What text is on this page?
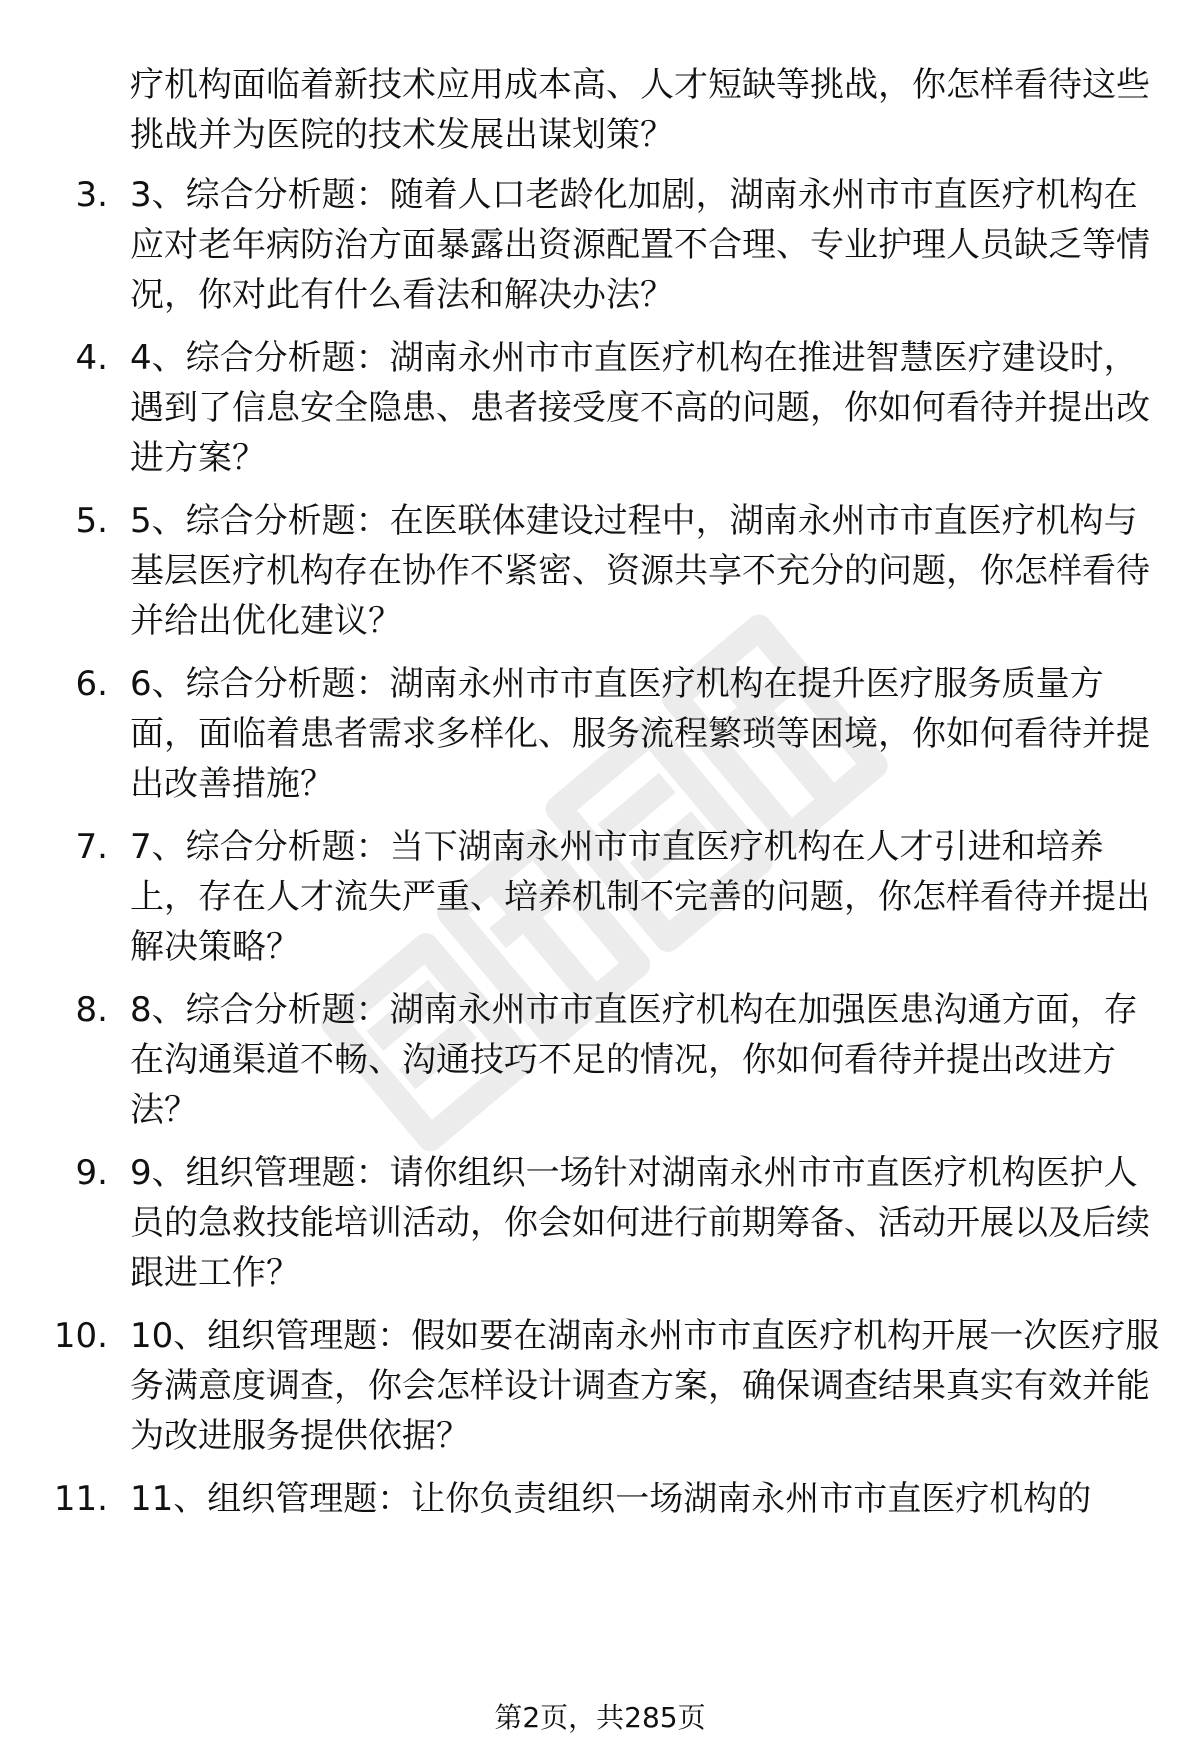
疗机构面临着新技术应用成本高、人才短缺等挑战，你怎样看待这些挑战并为医院的技术发展出谋划策？
3. 3、综合分析题：随着人口老龄化加剧，湖南永州市市直医疗机构在应对老年病防治方面暴露出资源配置不合理、专业护理人员缺乏等情况，你对此有什么看法和解决办法？
4. 4、综合分析题：湖南永州市市直医疗机构在推进智慧医疗建设时，遇到了信息安全隐患、患者接受度不高的问题，你如何看待并提出改进方案？
5. 5、综合分析题：在医联体建设过程中，湖南永州市市直医疗机构与基层医疗机构存在协作不紧密、资源共享不充分的问题，你怎样看待并给出优化建议？
6. 6、综合分析题：湖南永州市市直医疗机构在提升医疗服务质量方面，面临着患者需求多样化、服务流程繁琐等困境，你如何看待并提出改善措施？
7. 7、综合分析题：当下湖南永州市市直医疗机构在人才引进和培养上，存在人才流失严重、培养机制不完善的问题，你怎样看待并提出解决策略？
8. 8、综合分析题：湖南永州市市直医疗机构在加强医患沟通方面，存在沟通渠道不畅、沟通技巧不足的情况，你如何看待并提出改进方法？
9. 9、组织管理题：请你组织一场针对湖南永州市市直医疗机构医护人员的急救技能培训活动，你会如何进行前期筹备、活动开展以及后续跟进工作？
10. 10、组织管理题：假如要在湖南永州市市直医疗机构开展一次医疗服务满意度调查，你会怎样设计调查方案，确保调查结果真实有效并能为改进服务提供依据？
11. 11、组织管理题：让你负责组织一场湖南永州市市直医疗机构的
第2页，共285页
